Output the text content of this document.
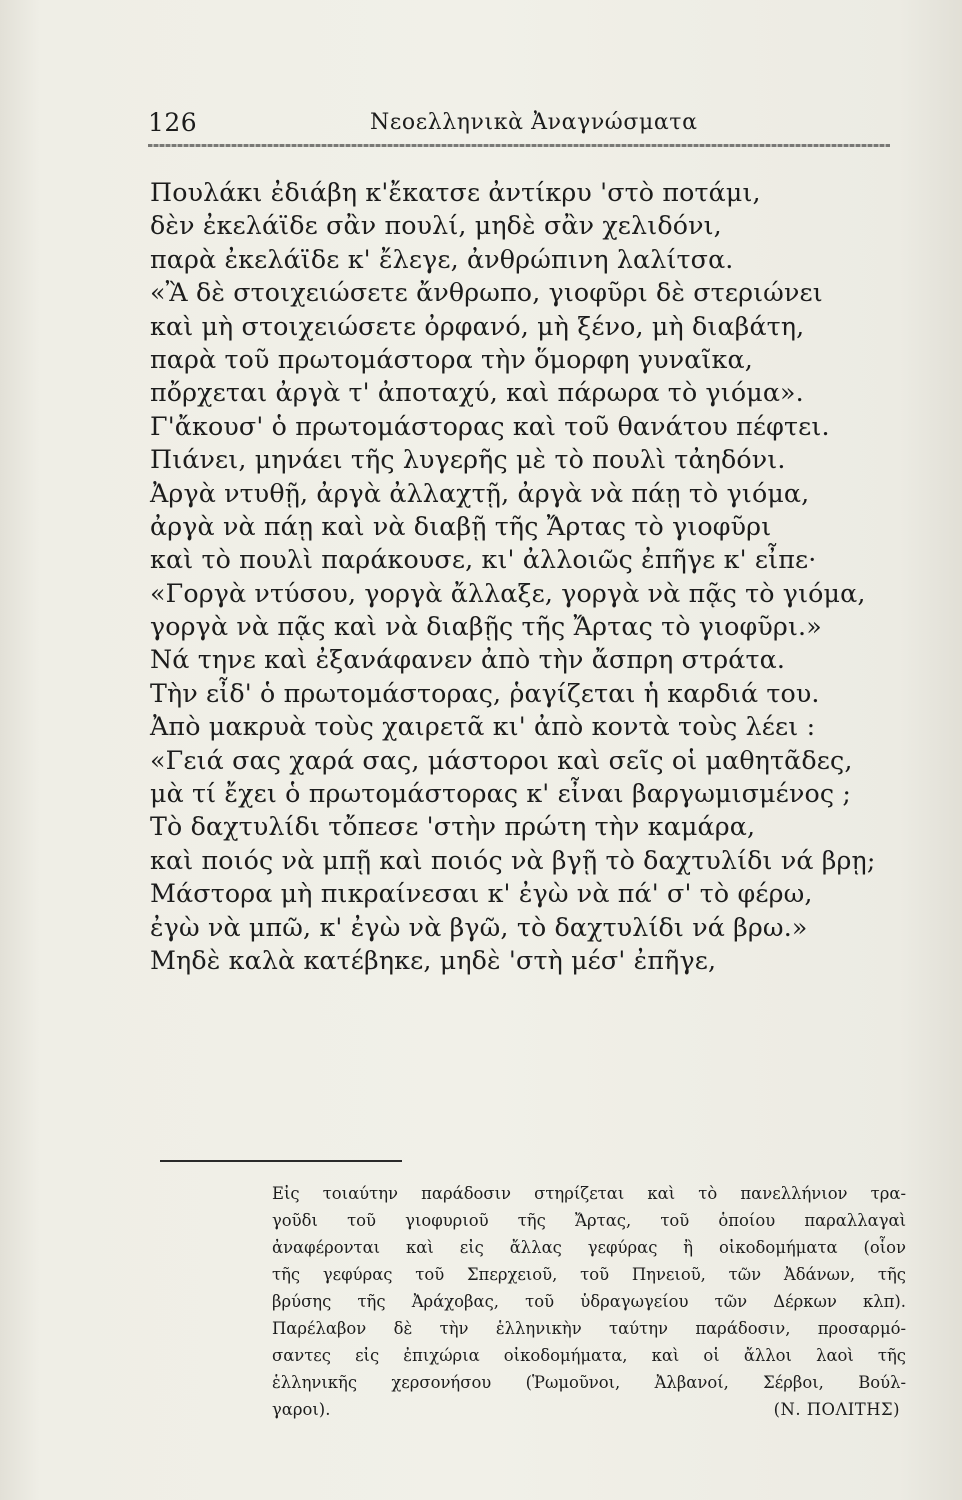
126	Νεοελληνικὰ Ἀναγνώσματα
Πουλάκι ἐδιάβη κ'ἔκατσε ἀντίκρυ 'στὸ ποτάμι,
δὲν ἐκελάϊδε σἂν πουλί, μηδὲ σἂν χελιδόνι,
παρὰ ἐκελάϊδε κ' ἔλεγε, ἀνθρώπινη λαλίτσα.
«Ἂ δὲ στοιχειώσετε ἄνθρωπο, γιοφῦρι δὲ στεριώνει
καὶ μὴ στοιχειώσετε ὀρφανό, μὴ ξένο, μὴ διαβάτη,
παρὰ τοῦ πρωτομάστορα τὴν ὅμορφη γυναῖκα,
πὄρχεται ἀργὰ τ' ἀποταχύ, καὶ πάρωρα τὸ γιόμα».
Γ'ἄκουσ' ὁ πρωτομάστορας καὶ τοῦ θανάτου πέφτει.
Πιάνει, μηνάει τῆς λυγερῆς μὲ τὸ πουλὶ τἀηδόνι.
Ἀργὰ ντυθῇ, ἀργὰ ἀλλαχτῇ, ἀργὰ νὰ πάῃ τὸ γιόμα,
ἀργὰ νὰ πάῃ καὶ νὰ διαβῇ τῆς Ἄρτας τὸ γιοφῦρι
καὶ τὸ πουλὶ παράκουσε, κι' ἀλλοιῶς ἐπῆγε κ' εἶπε·
«Γοργὰ ντύσου, γοργὰ ἄλλαξε, γοργὰ νὰ πᾷς τὸ γιόμα,
γοργὰ νὰ πᾷς καὶ νὰ διαβῇς τῆς Ἄρτας τὸ γιοφῦρι.»
Νά τηνε καὶ ἐξανάφανεν ἀπὸ τὴν ἄσπρη στράτα.
Τὴν εἶδ' ὁ πρωτομάστορας, ῥαγίζεται ἡ καρδιά του.
Ἀπὸ μακρυὰ τοὺς χαιρετᾶ κι' ἀπὸ κοντὰ τοὺς λέει :
«Γειά σας χαρά σας, μάστοροι καὶ σεῖς οἱ μαθητᾶδες,
μὰ τί ἔχει ὁ πρωτομάστορας κ' εἶναι βαργωμισμένος ;
Τὸ δαχτυλίδι τὄπεσε 'στὴν πρώτη τὴν καμάρα,
καὶ ποιός νὰ μπῇ καὶ ποιός νὰ βγῇ τὸ δαχτυλίδι νά βρῃ;
Μάστορα μὴ πικραίνεσαι κ' ἐγὼ νὰ πά' σ' τὸ φέρω,
ἐγὼ νὰ μπῶ, κ' ἐγὼ νὰ βγῶ, τὸ δαχτυλίδι νά βρω.»
Μηδὲ καλὰ κατέβηκε, μηδὲ 'στὴ μέσ' ἐπῆγε,
Εἰς τοιαύτην παράδοσιν στηρίζεται καὶ τὸ πανελλήνιον τρα-
γοῦδι τοῦ γιοφυριοῦ τῆς Ἄρτας, τοῦ ὁποίου παραλλαγαὶ
ἀναφέρονται καὶ εἰς ἄλλας γεφύρας ἢ οἰκοδομήματα (οἷον
τῆς γεφύρας τοῦ Σπερχειοῦ, τοῦ Πηνειοῦ, τῶν Ἀδάνων, τῆς
βρύσης τῆς Ἀράχοβας, τοῦ ὑδραγωγείου τῶν Δέρκων κλπ).
Παρέλαβον δὲ τὴν ἑλληνικὴν ταύτην παράδοσιν, προσαρμό-
σαντες εἰς ἐπιχώρια οἰκοδομήματα, καὶ οἱ ἄλλοι λαοὶ τῆς
ἑλληνικῆς χερσονήσου (Ῥωμοῦνοι, Ἀλβανοί, Σέρβοι, Βούλ-
γαροι).	(Ν. ΠΟΛΙΤΗΣ)
